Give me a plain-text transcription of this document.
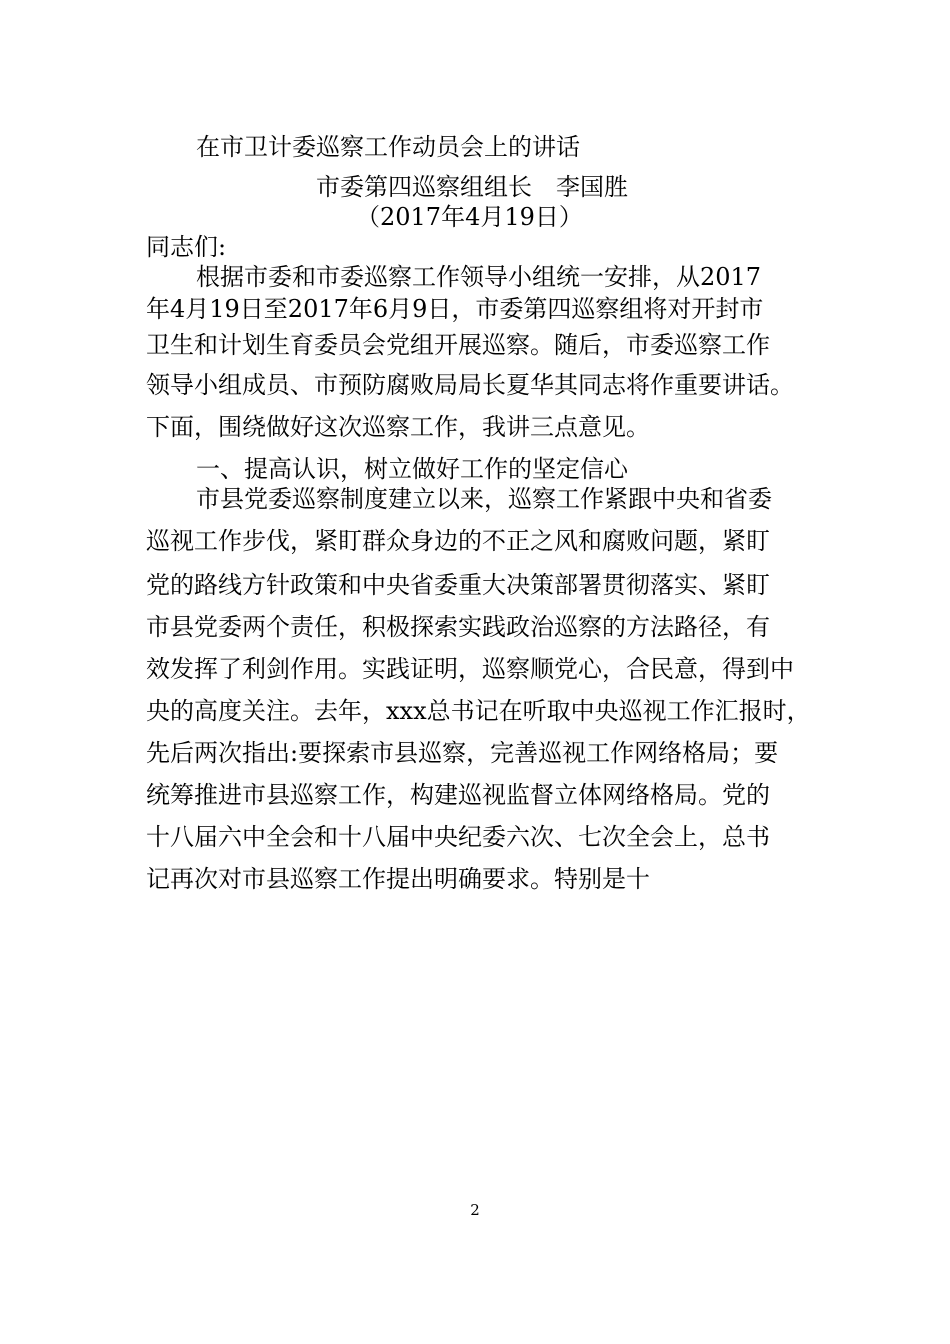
在市卫计委巡察工作动员会上的讲话
市委第四巡察组组长　李国胜
（2017年4月19日）
同志们:
根据市委和市委巡察工作领导小组统一安排，从2017
年4月19日至2017年6月9日，市委第四巡察组将对开封市
卫生和计划生育委员会党组开展巡察。随后，市委巡察工作
领导小组成员、市预防腐败局局长夏华其同志将作重要讲话。
下面，围绕做好这次巡察工作，我讲三点意见。
一、提高认识，树立做好工作的坚定信心
市县党委巡察制度建立以来，巡察工作紧跟中央和省委
巡视工作步伐，紧盯群众身边的不正之风和腐败问题，紧盯
党的路线方针政策和中央省委重大决策部署贯彻落实、紧盯
市县党委两个责任，积极探索实践政治巡察的方法路径，有
效发挥了利剑作用。实践证明，巡察顺党心，合民意，得到中
央的高度关注。去年，xxx总书记在听取中央巡视工作汇报时，
先后两次指出:要探索市县巡察，完善巡视工作网络格局；要
统筹推进市县巡察工作，构建巡视监督立体网络格局。党的
十八届六中全会和十八届中央纪委六次、七次全会上，总书
记再次对市县巡察工作提出明确要求。特别是十
2
